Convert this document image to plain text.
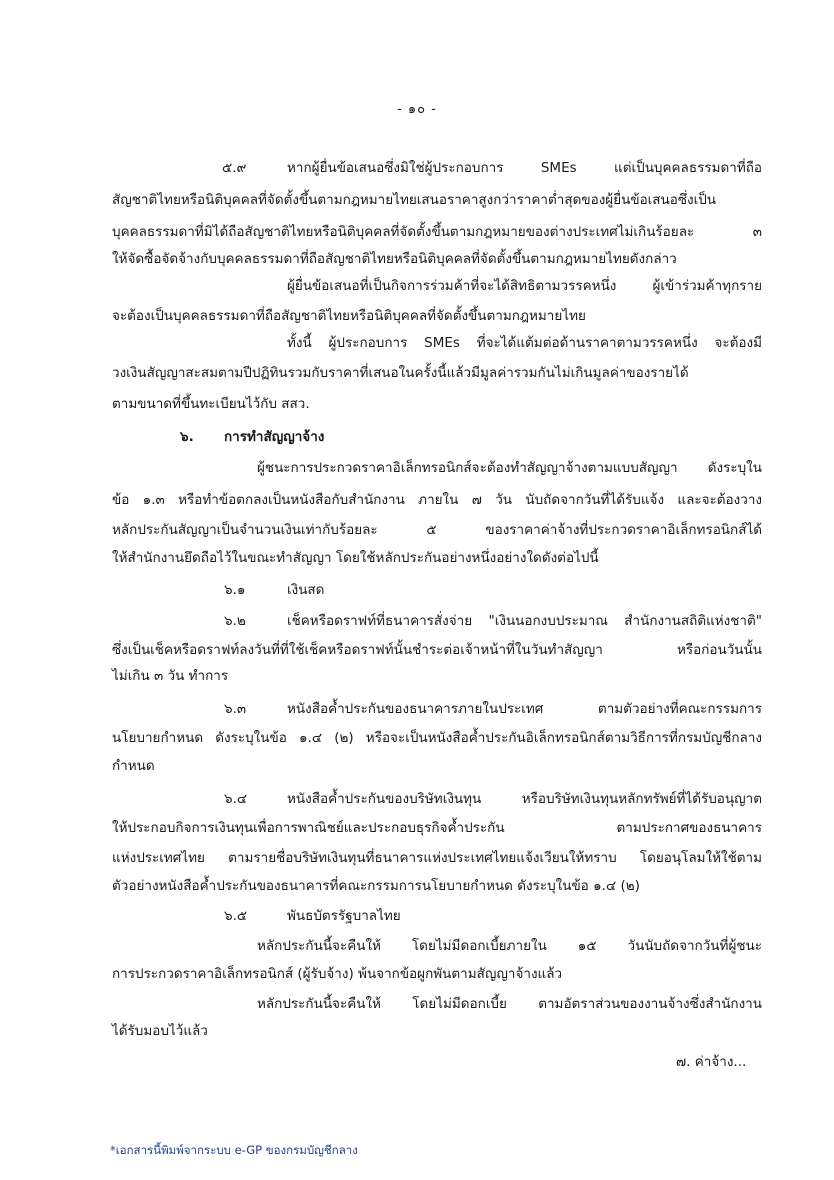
- ๑๐ -
๕.๙	หากผู้ยื่นข้อเสนอซึ่งมิใช่ผู้ประกอบการ SMEs แต่เป็นบุคคลธรรมดาที่ถือ
สัญชาติไทยหรือนิติบุคคลที่จัดตั้งขึ้นตามกฎหมายไทยเสนอราคาสูงกว่าราคาต่ำสุดของผู้ยื่นข้อเสนอซึ่งเป็น
บุคคลธรรมดาที่มิได้ถือสัญชาติไทยหรือนิติบุคคลที่จัดตั้งขึ้นตามกฎหมายของต่างประเทศไม่เกินร้อยละ ๓
ให้จัดซื้อจัดจ้างกับบุคคลธรรมดาที่ถือสัญชาติไทยหรือนิติบุคคลที่จัดตั้งขึ้นตามกฎหมายไทยดังกล่าว
ผู้ยื่นข้อเสนอที่เป็นกิจการร่วมค้าที่จะได้สิทธิตามวรรคหนึ่ง ผู้เข้าร่วมค้าทุกราย
จะต้องเป็นบุคคลธรรมดาที่ถือสัญชาติไทยหรือนิติบุคคลที่จัดตั้งขึ้นตามกฎหมายไทย
ทั้งนี้ ผู้ประกอบการ SMEs ที่จะได้แต้มต่อด้านราคาตามวรรคหนึ่ง จะต้องมี
วงเงินสัญญาสะสมตามปีปฏิทินรวมกับราคาที่เสนอในครั้งนี้แล้วมีมูลค่ารวมกันไม่เกินมูลค่าของรายได้
ตามขนาดที่ขึ้นทะเบียนไว้กับ สสว.
๖. การทำสัญญาจ้าง
ผู้ชนะการประกวดราคาอิเล็กทรอนิกส์จะต้องทำสัญญาจ้างตามแบบสัญญา ดังระบุใน
ข้อ ๑.๓ หรือทำข้อตกลงเป็นหนังสือกับสำนักงาน ภายใน ๗ วัน นับถัดจากวันที่ได้รับแจ้ง และจะต้องวาง
หลักประกันสัญญาเป็นจำนวนเงินเท่ากับร้อยละ ๕ ของราคาค่าจ้างที่ประกวดราคาอิเล็กทรอนิกส์ได้
ให้สำนักงานยึดถือไว้ในขณะทำสัญญา โดยใช้หลักประกันอย่างหนึ่งอย่างใดดังต่อไปนี้
๖.๑	เงินสด
๖.๒	เช็คหรือดราฟท์ที่ธนาคารสั่งจ่าย "เงินนอกงบประมาณ สำนักงานสถิติแห่งชาติ"
ซึ่งเป็นเช็คหรือดราฟท์ลงวันที่ที่ใช้เช็คหรือดราฟท์นั้นชำระต่อเจ้าหน้าที่ในวันทำสัญญา หรือก่อนวันนั้น
ไม่เกิน ๓ วัน ทำการ
๖.๓	หนังสือค้ำประกันของธนาคารภายในประเทศ ตามตัวอย่างที่คณะกรรมการ
นโยบายกำหนด ดังระบุในข้อ ๑.๔ (๒) หรือจะเป็นหนังสือค้ำประกันอิเล็กทรอนิกส์ตามวิธีการที่กรมบัญชีกลาง
กำหนด
๖.๔	หนังสือค้ำประกันของบริษัทเงินทุน หรือบริษัทเงินทุนหลักทรัพย์ที่ได้รับอนุญาต
ให้ประกอบกิจการเงินทุนเพื่อการพาณิชย์และประกอบธุรกิจค้ำประกัน ตามประกาศของธนาคาร
แห่งประเทศไทย ตามรายชื่อบริษัทเงินทุนที่ธนาคารแห่งประเทศไทยแจ้งเวียนให้ทราบ โดยอนุโลมให้ใช้ตาม
ตัวอย่างหนังสือค้ำประกันของธนาคารที่คณะกรรมการนโยบายกำหนด ดังระบุในข้อ ๑.๔ (๒)
๖.๕	พันธบัตรรัฐบาลไทย
หลักประกันนี้จะคืนให้ โดยไม่มีดอกเบี้ยภายใน ๑๕ วันนับถัดจากวันที่ผู้ชนะ
การประกวดราคาอิเล็กทรอนิกส์ (ผู้รับจ้าง) พ้นจากข้อผูกพันตามสัญญาจ้างแล้ว
หลักประกันนี้จะคืนให้ โดยไม่มีดอกเบี้ย ตามอัตราส่วนของงานจ้างซึ่งสำนักงาน
ได้รับมอบไว้แล้ว
๗. ค่าจ้าง...
*เอกสารนี้พิมพ์จากระบบ e-GP ของกรมบัญชีกลาง
